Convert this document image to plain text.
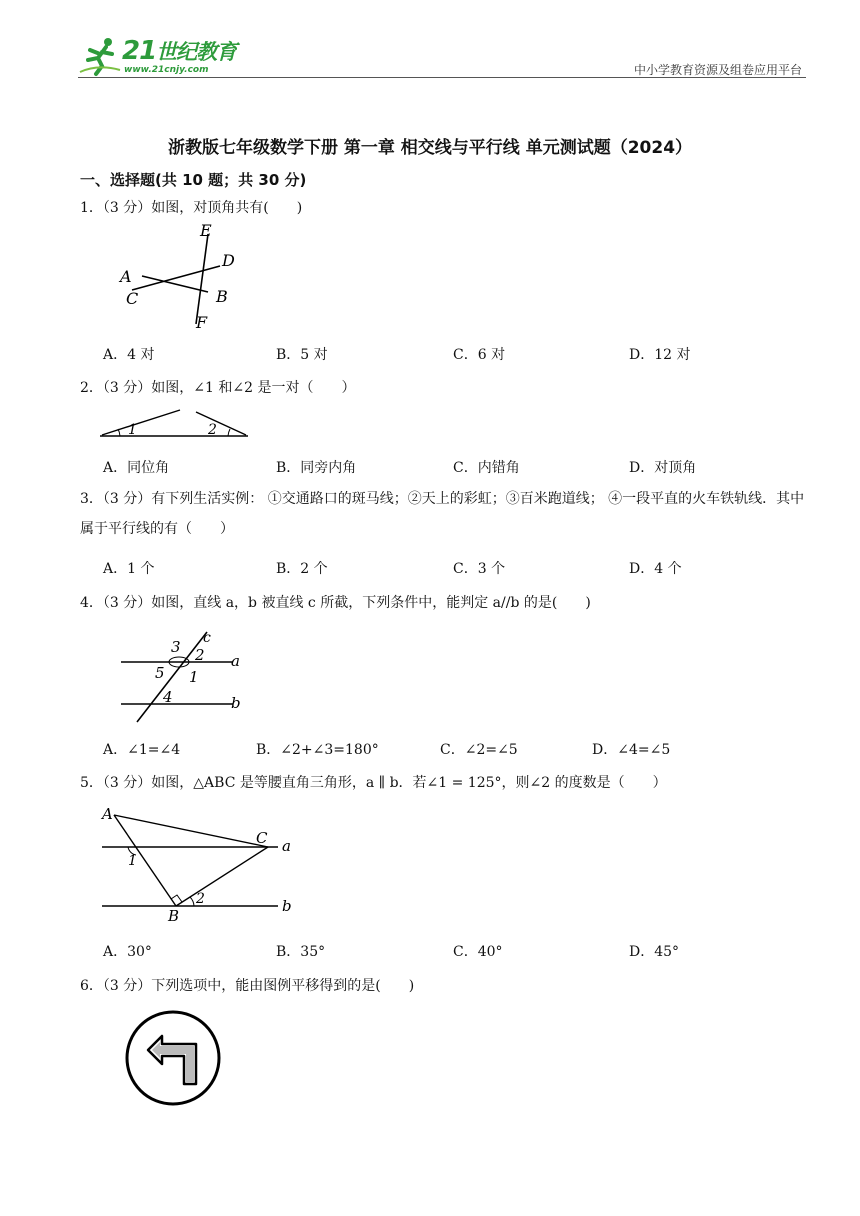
21世纪教育
www.21cnjy.com	中小学教育资源及组卷应用平台
浙教版七年级数学下册 第一章 相交线与平行线 单元测试题（2024）
一、选择题(共 10 题；共 30 分)
1．（3 分）如图，对顶角共有(　　)
E
D
A
B
C
F
A．4 对	B．5 对	C．6 对	D．12 对
2．（3 分）如图，∠1 和∠2 是一对（　　）
1	2
A．同位角	B．同旁内角	C．内错角	D．对顶角
3．（3 分）有下列生活实例： ①交通路口的斑马线；②天上的彩虹；③百米跑道线； ④一段平直的火车铁轨线．其中属于平行线的有（　　）
A．1 个	B．2 个	C．3 个	D．4 个
4．（3 分）如图，直线 a，b 被直线 c 所截，下列条件中，能判定 a//b 的是(　　)
3 c
2 a
5 1
4	b
A．∠1=∠4	B．∠2+∠3=180°	C．∠2=∠5	D．∠4=∠5
5．（3 分）如图，△ABC 是等腰直角三角形，a ∥ b．若∠1 = 125°，则∠2 的度数是（　　）
A
C a
1
2
B
b
A．30°	B．35°	C．40°	D．45°
6．（3 分）下列选项中，能由图例平移得到的是(　　)
